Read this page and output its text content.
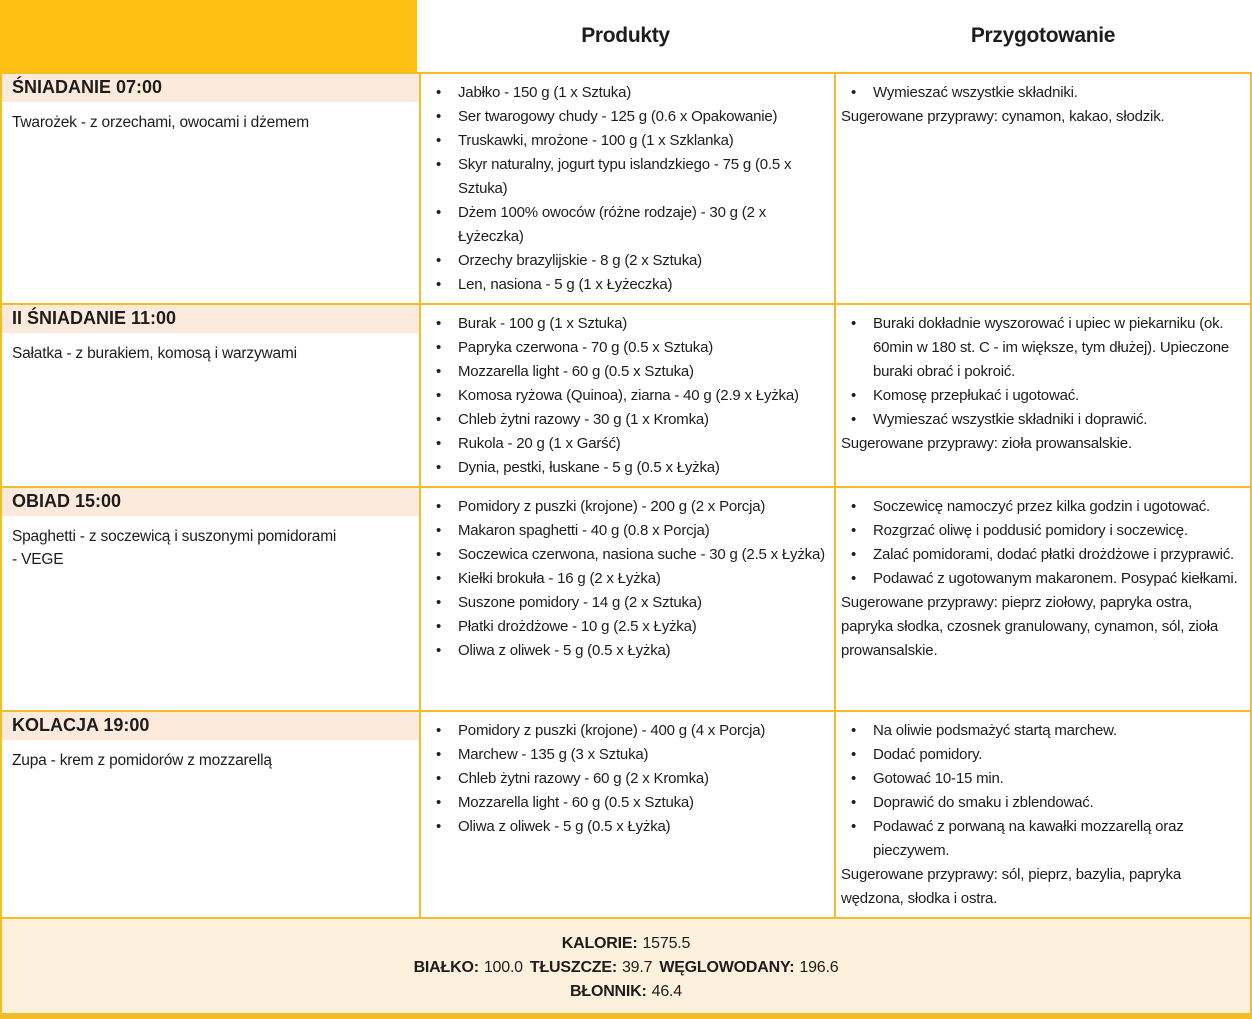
Produkty	Przygotowanie
ŚNIADANIE 07:00
Twarożek - z orzechami, owocami i dżemem
• Jabłko - 150 g (1 x Sztuka)
• Ser twarogowy chudy - 125 g (0.6 x Opakowanie)
• Truskawki, mrożone - 100 g (1 x Szklanka)
• Skyr naturalny, jogurt typu islandzkiego - 75 g (0.5 x Sztuka)
• Dżem 100% owoców (różne rodzaje) - 30 g (2 x Łyżeczka)
• Orzechy brazylijskie - 8 g (2 x Sztuka)
• Len, nasiona - 5 g (1 x Łyżeczka)
• Wymieszać wszystkie składniki.
Sugerowane przyprawy: cynamon, kakao, słodzik.
II ŚNIADANIE 11:00
Sałatka - z burakiem, komosą i warzywami
• Burak - 100 g (1 x Sztuka)
• Papryka czerwona - 70 g (0.5 x Sztuka)
• Mozzarella light - 60 g (0.5 x Sztuka)
• Komosa ryżowa (Quinoa), ziarna - 40 g (2.9 x Łyżka)
• Chleb żytni razowy - 30 g (1 x Kromka)
• Rukola - 20 g (1 x Garść)
• Dynia, pestki, łuskane - 5 g (0.5 x Łyżka)
• Buraki dokładnie wyszorować i upiec w piekarniku (ok. 60min w 180 st. C - im większe, tym dłużej). Upieczone buraki obrać i pokroić.
• Komosę przepłukać i ugotować.
• Wymieszać wszystkie składniki i doprawić.
Sugerowane przyprawy: zioła prowansalskie.
OBIAD 15:00
Spaghetti - z soczewicą i suszonymi pomidorami - VEGE
• Pomidory z puszki (krojone) - 200 g (2 x Porcja)
• Makaron spaghetti - 40 g (0.8 x Porcja)
• Soczewica czerwona, nasiona suche - 30 g (2.5 x Łyżka)
• Kiełki brokuła - 16 g (2 x Łyżka)
• Suszone pomidory - 14 g (2 x Sztuka)
• Płatki drożdżowe - 10 g (2.5 x Łyżka)
• Oliwa z oliwek - 5 g (0.5 x Łyżka)
• Soczewicę namoczyć przez kilka godzin i ugotować.
• Rozgrzać oliwę i poddusić pomidory i soczewicę.
• Zalać pomidorami, dodać płatki drożdżowe i przyprawić.
• Podawać z ugotowanym makaronem. Posypać kiełkami.
Sugerowane przyprawy: pieprz ziołowy, papryka ostra, papryka słodka, czosnek granulowany, cynamon, sól, zioła prowansalskie.
KOLACJA 19:00
Zupa - krem z pomidorów z mozzarellą
• Pomidory z puszki (krojone) - 400 g (4 x Porcja)
• Marchew - 135 g (3 x Sztuka)
• Chleb żytni razowy - 60 g (2 x Kromka)
• Mozzarella light - 60 g (0.5 x Sztuka)
• Oliwa z oliwek - 5 g (0.5 x Łyżka)
• Na oliwie podsmażyć startą marchew.
• Dodać pomidory.
• Gotować 10-15 min.
• Doprawić do smaku i zblendować.
• Podawać z porwaną na kawałki mozzarellą oraz pieczywem.
Sugerowane przyprawy: sól, pieprz, bazylia, papryka wędzona, słodka i ostra.
KALORIE: 1575.5
BIAŁKO: 100.0 TŁUSZCZE: 39.7 WĘGLOWODANY: 196.6
BŁONNIK: 46.4
